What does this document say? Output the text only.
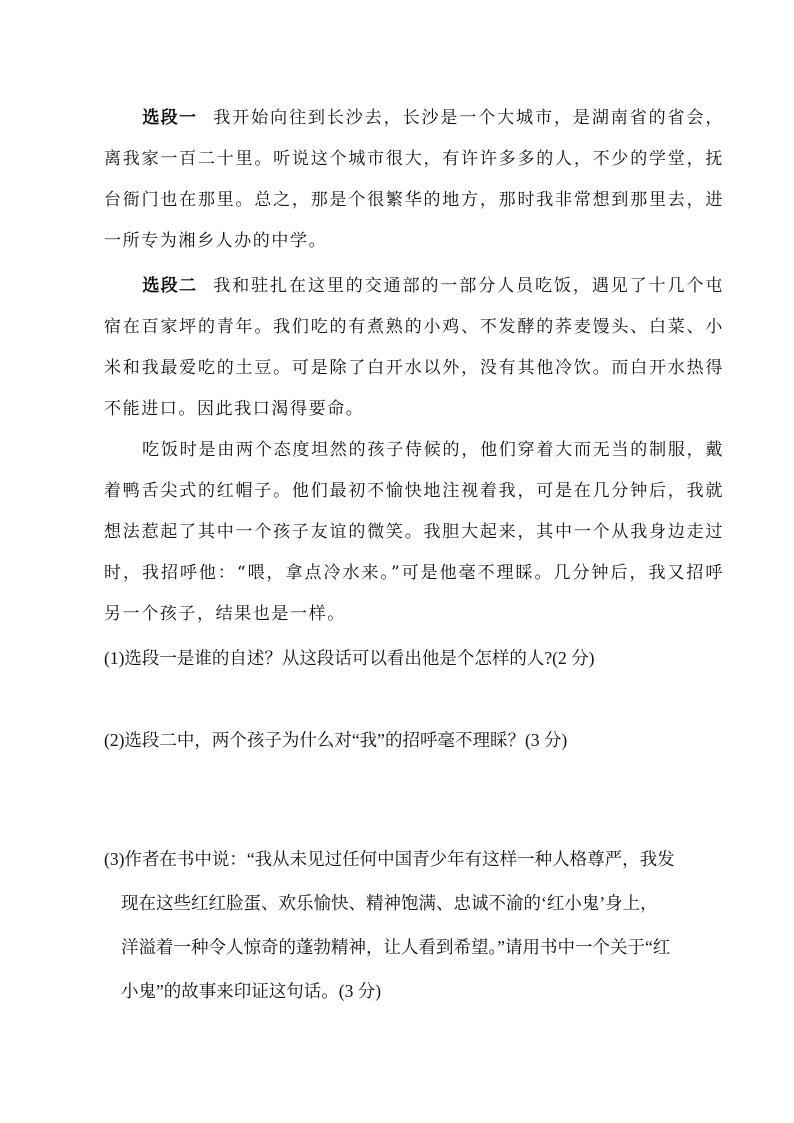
选段一 我开始向往到长沙去，长沙是一个大城市，是湖南省的省会，离我家一百二十里。听说这个城市很大，有许许多多的人，不少的学堂，抚台衙门也在那里。总之，那是个很繁华的地方，那时我非常想到那里去，进一所专为湘乡人办的中学。

选段二 我和驻扎在这里的交通部的一部分人员吃饭，遇见了十几个屯宿在百家坪的青年。我们吃的有煮熟的小鸡、不发酵的荞麦馒头、白菜、小米和我最爱吃的土豆。可是除了白开水以外，没有其他冷饮。而白开水热得不能进口。因此我口渴得要命。

吃饭时是由两个态度坦然的孩子侍候的，他们穿着大而无当的制服，戴着鸭舌尖式的红帽子。他们最初不愉快地注视着我，可是在几分钟后，我就想法惹起了其中一个孩子友谊的微笑。我胆大起来，其中一个从我身边走过时，我招呼他：“喂，拿点冷水来。”可是他毫不理睬。几分钟后，我又招呼另一个孩子，结果也是一样。

(1)选段一是谁的自述？从这段话可以看出他是个怎样的人?(2 分)

(2)选段二中，两个孩子为什么对“我”的招呼毫不理睬？(3 分)

(3)作者在书中说：“我从未见过任何中国青少年有这样一种人格尊严，我发
现在这些红红脸蛋、欢乐愉快、精神饱满、忠诚不渝的‘红小鬼’身上，
洋溢着一种令人惊奇的蓬勃精神，让人看到希望。”请用书中一个关于“红
小鬼”的故事来印证这句话。(3 分)
